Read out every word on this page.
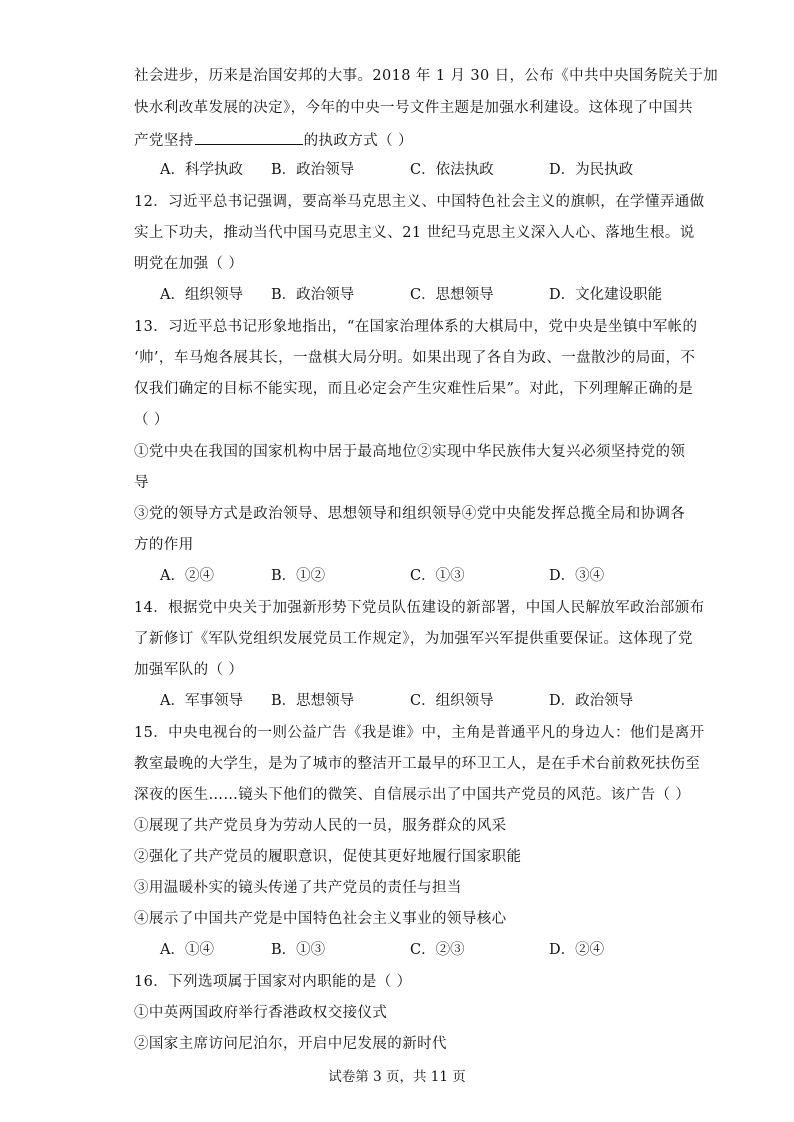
社会进步，历来是治国安邦的大事。2018 年 1 月 30 日，公布《中共中央国务院关于加
快水利改革发展的决定》，今年的中央一号文件主题是加强水利建设。这体现了中国共
产党坚持	的执政方式（ ）
A．科学执政 B．政治领导	C．依法执政	D．为民执政
12．习近平总书记强调，要高举马克思主义、中国特色社会主义的旗帜，在学懂弄通做
实上下功夫，推动当代中国马克思主义、21 世纪马克思主义深入人心、落地生根。说
明党在加强（ ）
A．组织领导 B．政治领导	C．思想领导	D．文化建设职能
13．习近平总书记形象地指出，“在国家治理体系的大棋局中，党中央是坐镇中军帐的
‘帅’，车马炮各展其长，一盘棋大局分明。如果出现了各自为政、一盘散沙的局面，不
仅我们确定的目标不能实现，而且必定会产生灾难性后果”。对此，下列理解正确的是
（ ）
①党中央在我国的国家机构中居于最高地位②实现中华民族伟大复兴必须坚持党的领
导
③党的领导方式是政治领导、思想领导和组织领导④党中央能发挥总揽全局和协调各
方的作用
A．②④	B．①②	C．①③	D．③④
14．根据党中央关于加强新形势下党员队伍建设的新部署，中国人民解放军政治部颁布
了新修订《军队党组织发展党员工作规定》，为加强军兴军提供重要保证。这体现了党
加强军队的（ ）
A．军事领导 B．思想领导	C．组织领导	D．政治领导
15．中央电视台的一则公益广告《我是谁》中，主角是普通平凡的身边人：他们是离开
教室最晚的大学生，是为了城市的整洁开工最早的环卫工人，是在手术台前救死扶伤至
深夜的医生……镜头下他们的微笑、自信展示出了中国共产党员的风范。该广告（ ）
①展现了共产党员身为劳动人民的一员，服务群众的风采
②强化了共产党员的履职意识，促使其更好地履行国家职能
③用温暖朴实的镜头传递了共产党员的责任与担当
④展示了中国共产党是中国特色社会主义事业的领导核心
A．①④	B．①③	C．②③	D．②④
16．下列选项属于国家对内职能的是（ ）
①中英两国政府举行香港政权交接仪式
②国家主席访问尼泊尔，开启中尼发展的新时代
试卷第 3 页，共 11 页
